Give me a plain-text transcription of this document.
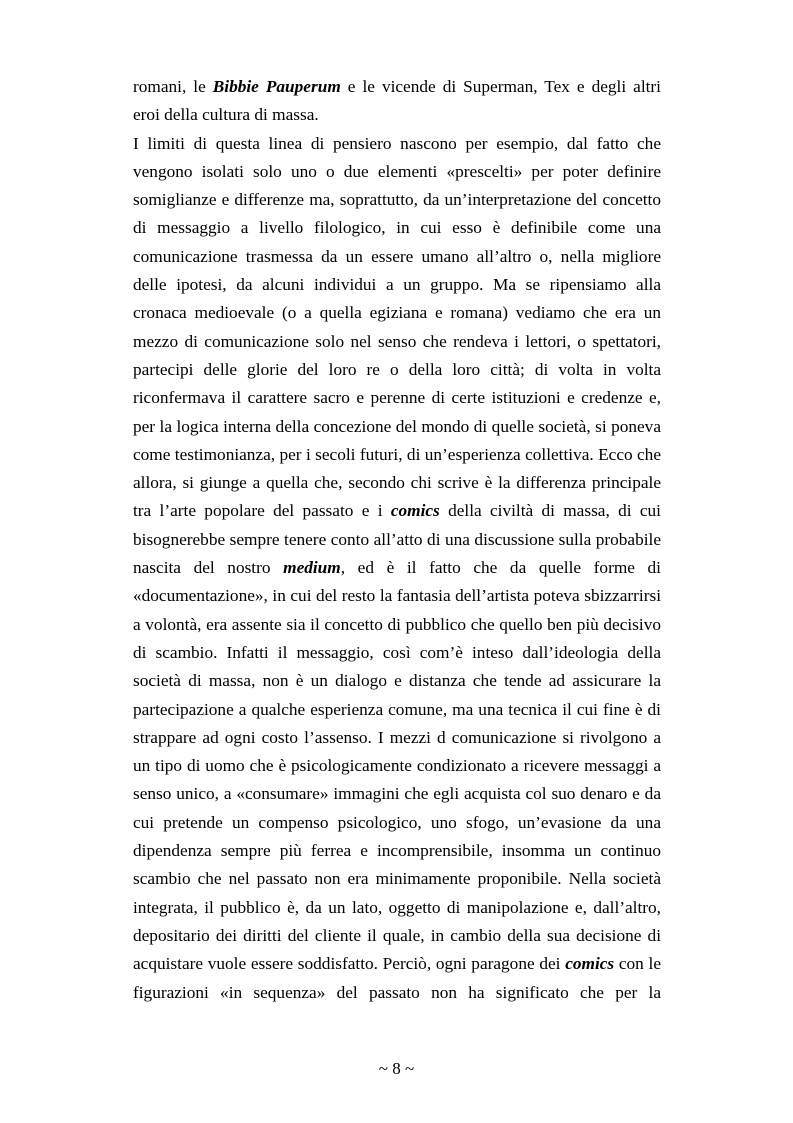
romani, le Bibbie Pauperum e le vicende di Superman, Tex e degli altri
eroi della cultura di massa.
I limiti di questa linea di pensiero nascono per esempio, dal fatto che
vengono isolati solo uno o due elementi «prescelti» per poter definire
somiglianze e differenze ma, soprattutto, da un’interpretazione del concetto
di messaggio a livello filologico, in cui esso è definibile come una
comunicazione trasmessa da un essere umano all’altro o, nella migliore
delle ipotesi, da alcuni individui a un gruppo. Ma se ripensiamo alla
cronaca medioevale (o a quella egiziana e romana) vediamo che era un
mezzo di comunicazione solo nel senso che rendeva i lettori, o spettatori,
partecipi delle glorie del loro re o della loro città; di volta in volta
riconfermava il carattere sacro e perenne di certe istituzioni e credenze e,
per la logica interna della concezione del mondo di quelle società, si poneva
come testimonianza, per i secoli futuri, di un’esperienza collettiva. Ecco che
allora, si giunge a quella che, secondo chi scrive è la differenza principale
tra l’arte popolare del passato e i comics della civiltà di massa, di cui
bisognerebbe sempre tenere conto all’atto di una discussione sulla probabile
nascita del nostro medium, ed è il fatto che da quelle forme di
«documentazione», in cui del resto la fantasia dell’artista poteva sbizzarrirsi
a volontà, era assente sia il concetto di pubblico che quello ben più decisivo
di scambio. Infatti il messaggio, così com’è inteso dall’ideologia della
società di massa, non è un dialogo e distanza che tende ad assicurare la
partecipazione a qualche esperienza comune, ma una tecnica il cui fine è di
strappare ad ogni costo l’assenso. I mezzi d comunicazione si rivolgono a
un tipo di uomo che è psicologicamente condizionato a ricevere messaggi a
senso unico, a «consumare» immagini che egli acquista col suo denaro e da
cui pretende un compenso psicologico, uno sfogo, un’evasione da una
dipendenza sempre più ferrea e incomprensibile, insomma un continuo
scambio che nel passato non era minimamente proponibile. Nella società
integrata, il pubblico è, da un lato, oggetto di manipolazione e, dall’altro,
depositario dei diritti del cliente il quale, in cambio della sua decisione di
acquistare vuole essere soddisfatto. Perciò, ogni paragone dei comics con le
figurazioni «in sequenza» del passato non ha significato che per la
~ 8 ~
